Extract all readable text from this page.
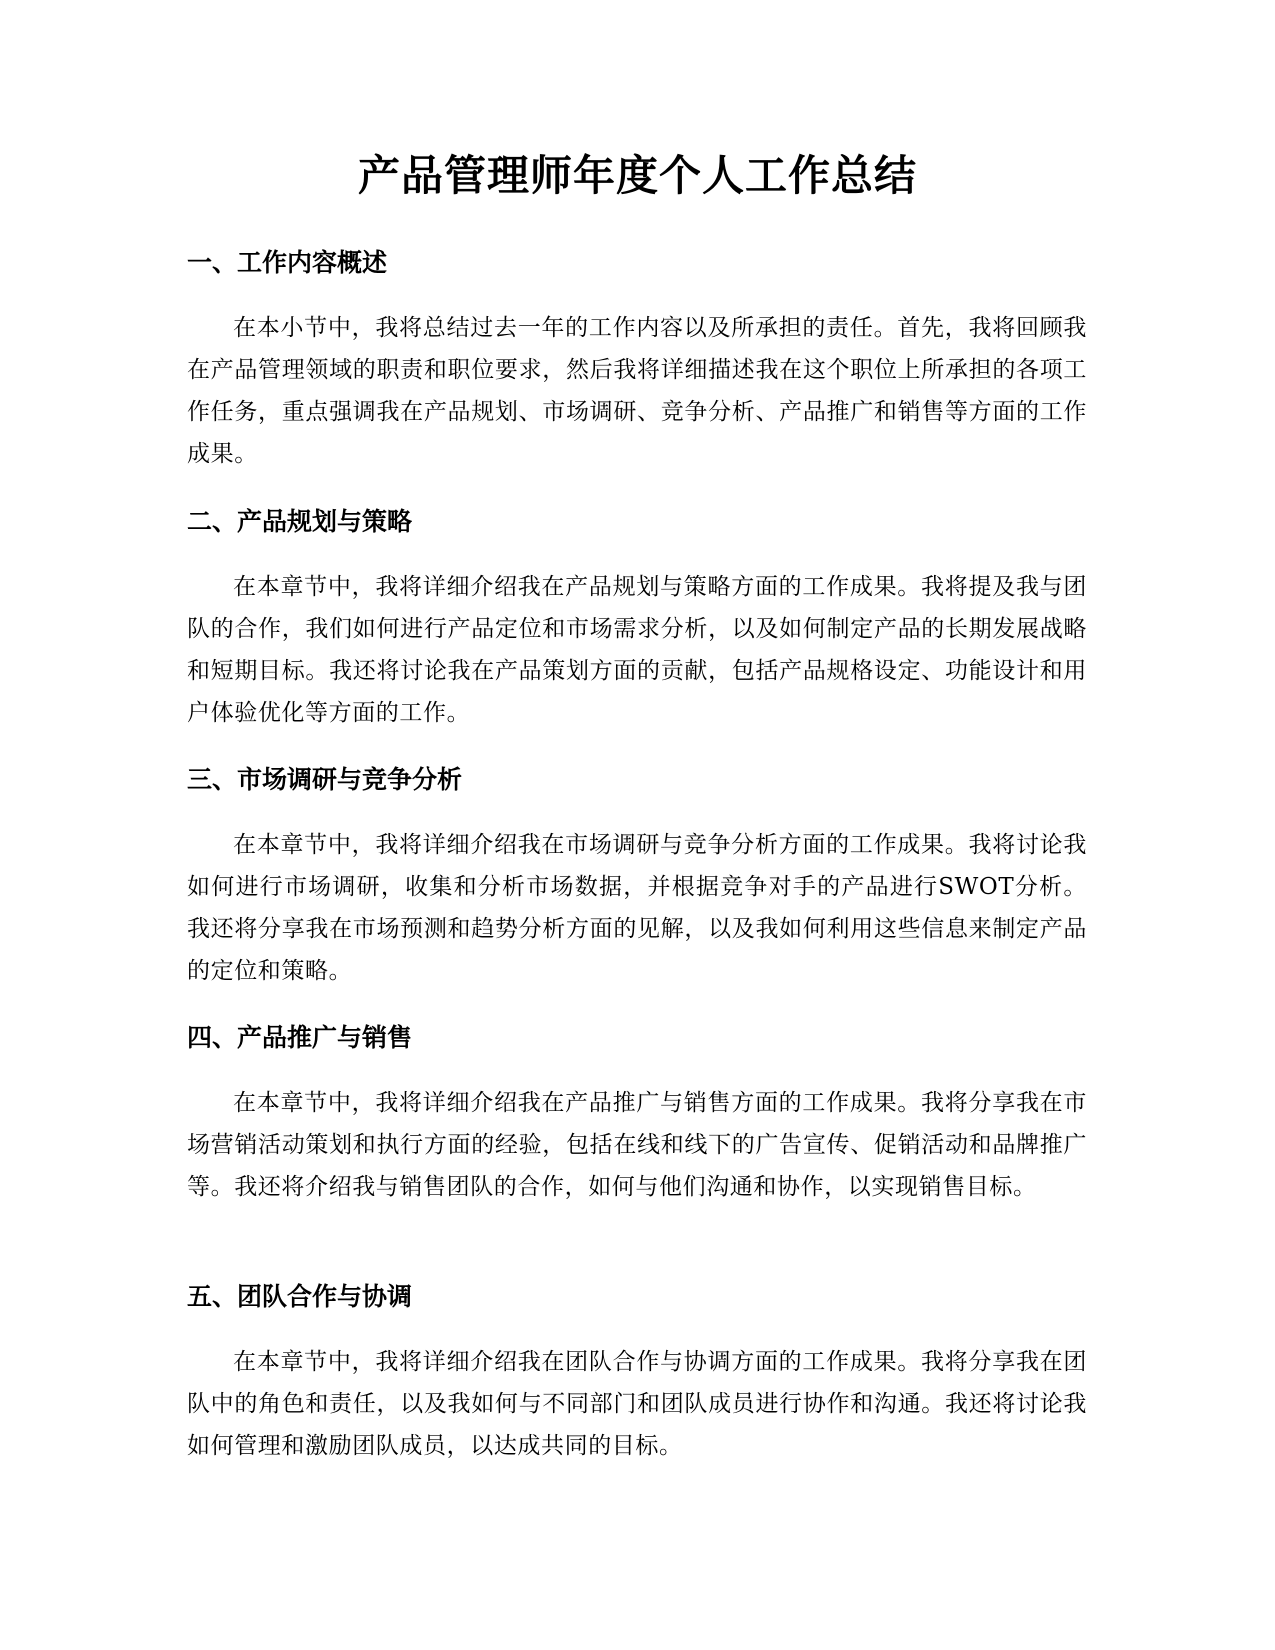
产品管理师年度个人工作总结
一、工作内容概述

在本小节中，我将总结过去一年的工作内容以及所承担的责任。首先，我将回顾我在产品管理领域的职责和职位要求，然后我将详细描述我在这个职位上所承担的各项工作任务，重点强调我在产品规划、市场调研、竞争分析、产品推广和销售等方面的工作成果。

二、产品规划与策略

在本章节中，我将详细介绍我在产品规划与策略方面的工作成果。我将提及我与团队的合作，我们如何进行产品定位和市场需求分析，以及如何制定产品的长期发展战略和短期目标。我还将讨论我在产品策划方面的贡献，包括产品规格设定、功能设计和用户体验优化等方面的工作。

三、市场调研与竞争分析

在本章节中，我将详细介绍我在市场调研与竞争分析方面的工作成果。我将讨论我如何进行市场调研，收集和分析市场数据，并根据竞争对手的产品进行SWOT分析。我还将分享我在市场预测和趋势分析方面的见解，以及我如何利用这些信息来制定产品的定位和策略。

四、产品推广与销售

在本章节中，我将详细介绍我在产品推广与销售方面的工作成果。我将分享我在市场营销活动策划和执行方面的经验，包括在线和线下的广告宣传、促销活动和品牌推广等。我还将介绍我与销售团队的合作，如何与他们沟通和协作，以实现销售目标。

五、团队合作与协调

在本章节中，我将详细介绍我在团队合作与协调方面的工作成果。我将分享我在团队中的角色和责任，以及我如何与不同部门和团队成员进行协作和沟通。我还将讨论我如何管理和激励团队成员，以达成共同的目标。
